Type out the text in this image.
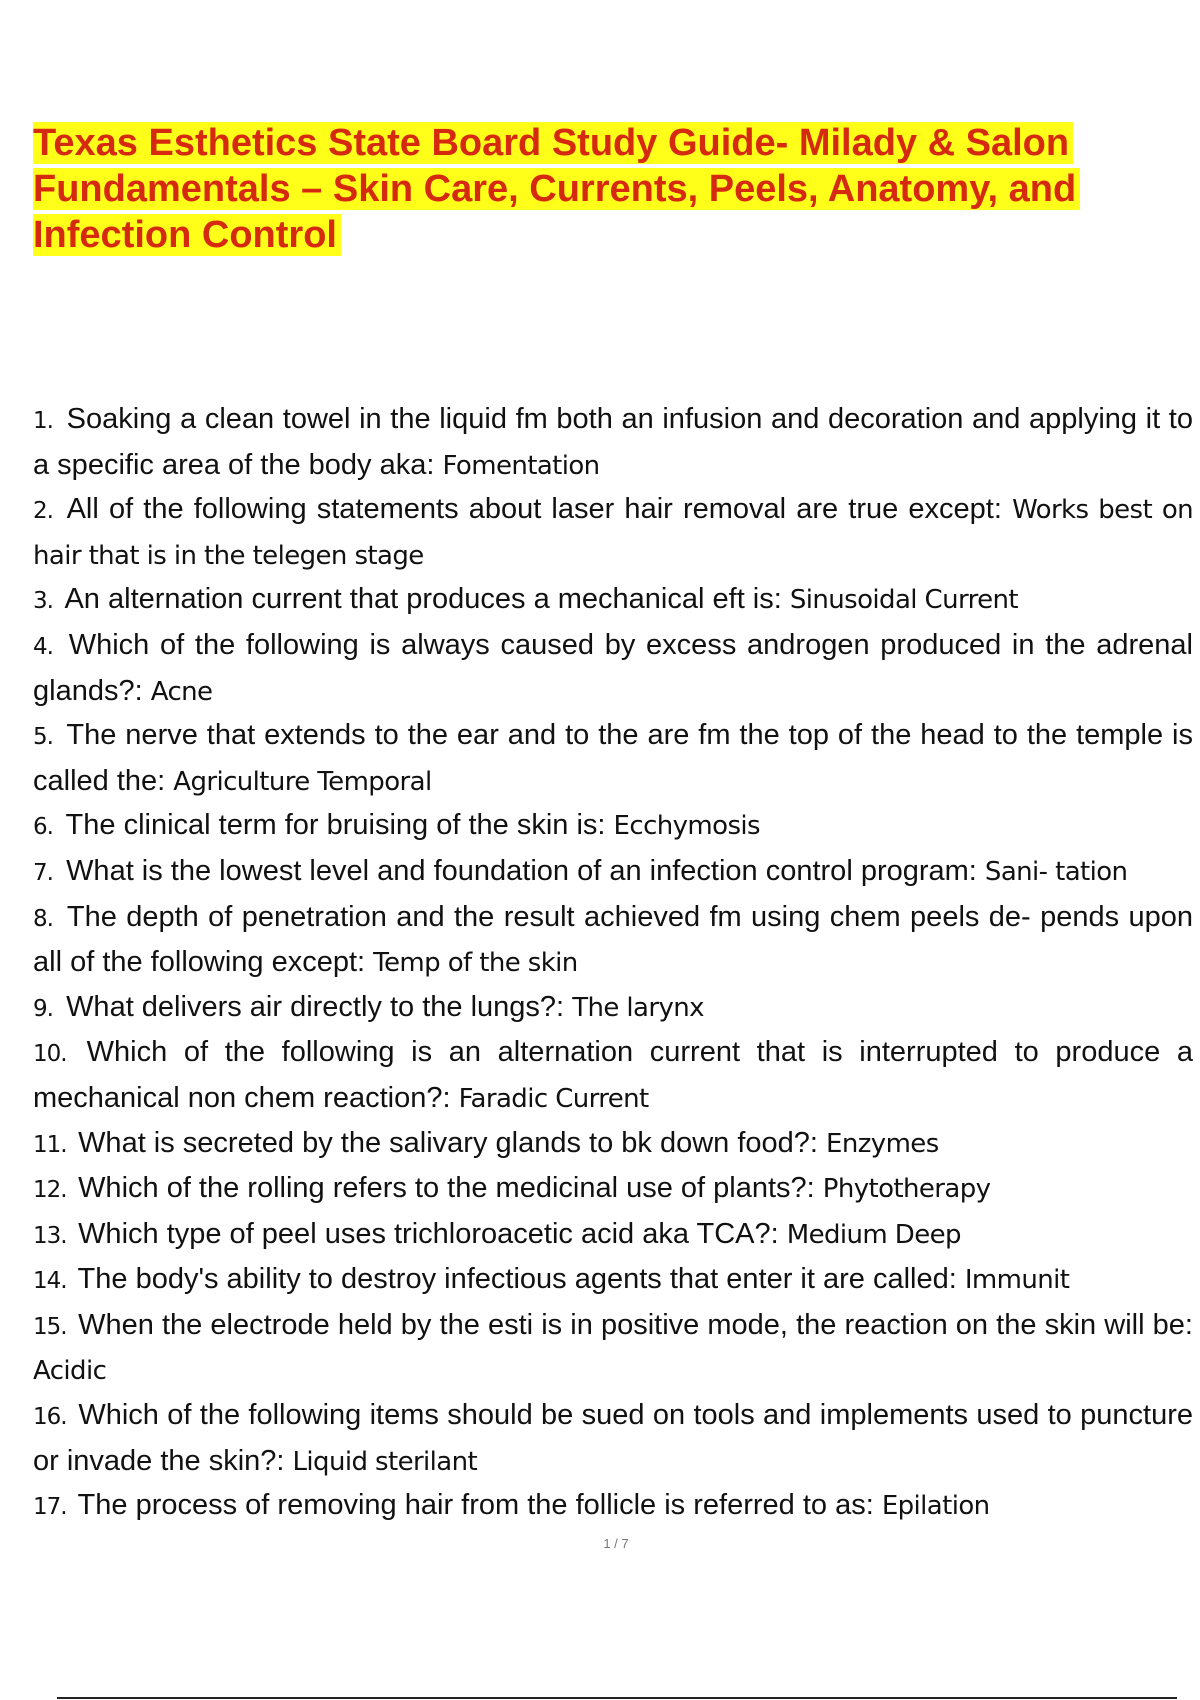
Texas Esthetics State Board Study Guide- Milady & Salon Fundamentals – Skin Care, Currents, Peels, Anatomy, and Infection Control
1. Soaking a clean towel in the liquid fm both an infusion and decoration and applying it to a specific area of the body aka: Fomentation
2. All of the following statements about laser hair removal are true except: Works best on hair that is in the telegen stage
3. An alternation current that produces a mechanical eft is: Sinusoidal Current
4. Which of the following is always caused by excess androgen produced in the adrenal glands?: Acne
5. The nerve that extends to the ear and to the are fm the top of the head to the temple is called the: Agriculture Temporal
6. The clinical term for bruising of the skin is: Ecchymosis
7. What is the lowest level and foundation of an infection control program: Sani- tation
8. The depth of penetration and the result achieved fm using chem peels de- pends upon all of the following except: Temp of the skin
9. What delivers air directly to the lungs?: The larynx
10. Which of the following is an alternation current that is interrupted to produce a mechanical non chem reaction?: Faradic Current
11. What is secreted by the salivary glands to bk down food?: Enzymes
12. Which of the rolling refers to the medicinal use of plants?: Phytotherapy
13. Which type of peel uses trichloroacetic acid aka TCA?: Medium Deep
14. The body's ability to destroy infectious agents that enter it are called: Immunit
15. When the electrode held by the esti is in positive mode, the reaction on the skin will be: Acidic
16. Which of the following items should be sued on tools and implements used to puncture or invade the skin?: Liquid sterilant
17. The process of removing hair from the follicle is referred to as: Epilation
1 / 7
